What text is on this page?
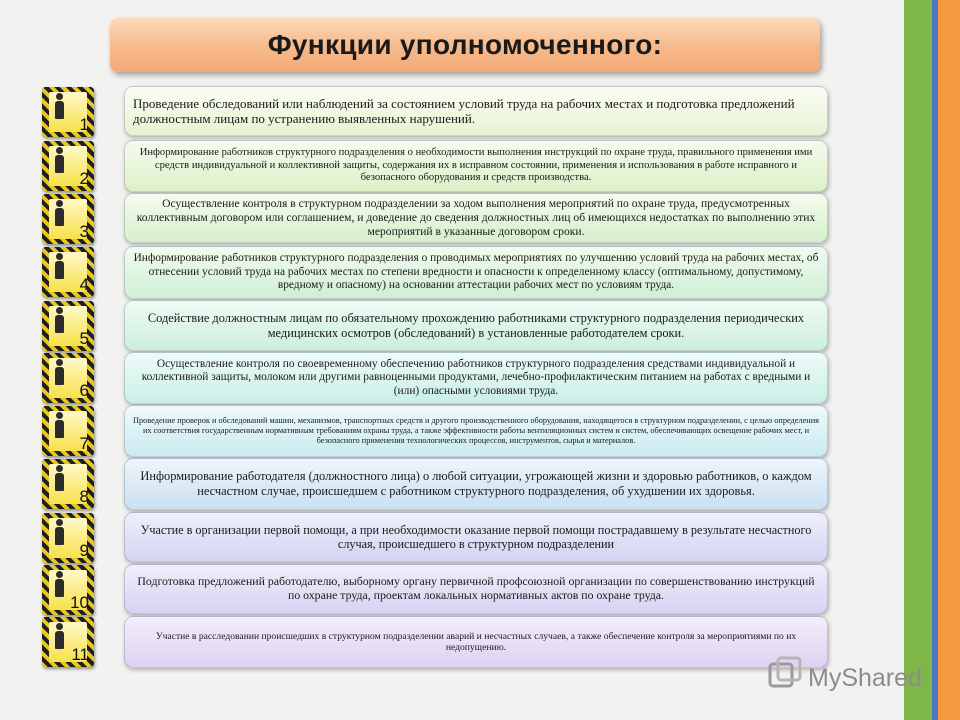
Функции уполномоченного:
1
Проведение обследований или наблюдений за состоянием условий труда на рабочих местах и подготовка предложений должностным лицам по устранению выявленных нарушений.
2
Информирование работников структурного подразделения о необходимости выполнения инструкций по охране труда, правильного применения ими средств индивидуальной и коллективной защиты, содержания их в исправном состоянии, применения и использования в работе исправного и безопасного оборудования и средств производства.
3
Осуществление контроля в структурном подразделении за ходом выполнения мероприятий по охране труда, предусмотренных коллективным договором или соглашением, и доведение до сведения должностных лиц об имеющихся недостатках по выполнению этих мероприятий в указанные договором сроки.
4
Информирование работников структурного подразделения о проводимых мероприятиях по улучшению условий труда на рабочих местах, об отнесении условий труда на рабочих местах по степени вредности и опасности к определенному классу (оптимальному, допустимому, вредному и опасному) на основании аттестации рабочих мест по условиям труда.
5
Содействие должностным лицам по обязательному прохождению работниками структурного подразделения периодических медицинских осмотров (обследований) в установленные работодателем сроки.
6
Осуществление контроля по своевременному обеспечению работников структурного подразделения средствами индивидуальной и коллективной защиты, молоком или другими равноценными продуктами, лечебно-профилактическим питанием на работах с вредными и (или) опасными условиями труда.
7
Проведение проверок и обследований машин, механизмов, транспортных средств и другого производственного оборудования, находящегося в структурном подразделении, с целью определения их соответствия государственным нормативным требованиям охраны труда, а также эффективности работы вентиляционных систем и систем, обеспечивающих освещение рабочих мест, и безопасного применения технологических процессов, инструментов, сырья и материалов.
8
Информирование работодателя (должностного лица) о любой ситуации, угрожающей жизни и здоровью работников, о каждом несчастном случае, происшедшем с работником структурного подразделения, об ухудшении их здоровья.
9
Участие в организации первой помощи, а при необходимости оказание первой помощи пострадавшему в результате несчастного случая, происшедшего в структурном подразделении
10
Подготовка предложений работодателю, выборному органу первичной профсоюзной организации по совершенствованию инструкций по охране труда, проектам локальных нормативных актов по охране труда.
11
Участие в расследовании происшедших в структурном подразделении аварий и несчастных случаев, а также обеспечение контроля за мероприятиями по их недопущению.
MyShared
